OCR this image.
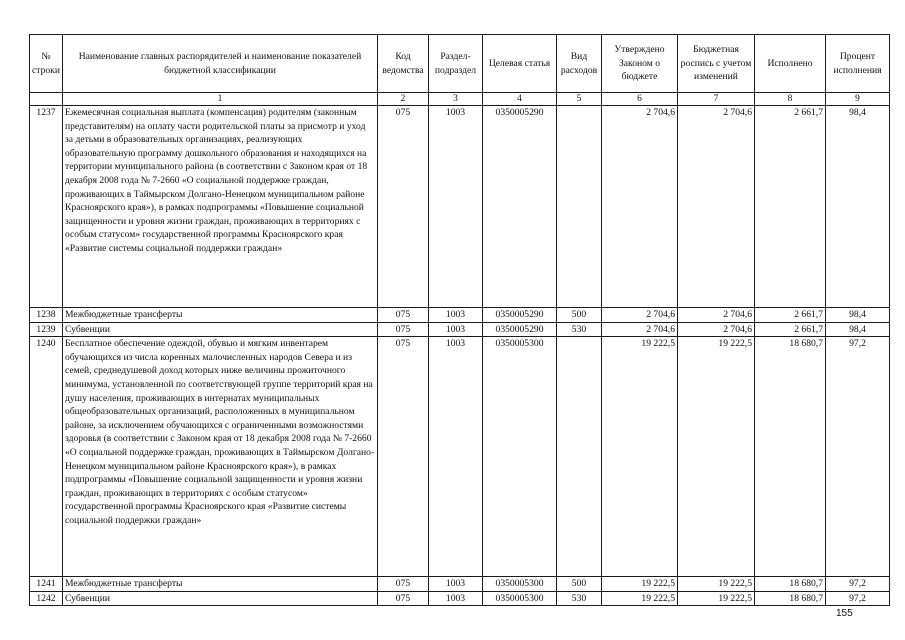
№ строки	Наименование главных распорядителей и наименование показателей бюджетной классификации	Код ведомства	Раздел-подраздел	Целевая статья	Вид расходов	Утверждено Законом о бюджете	Бюджетная роспись с учетом изменений	Исполнено	Процент исполнения
	1	2	3	4	5	6	7	8	9
1237	Ежемесячная социальная выплата (компенсация) родителям (законным представителям) на оплату части родительской платы за присмотр и уход за детьми в образовательных организациях, реализующих образовательную программу дошкольного образования и находящихся на территории муниципального района (в соответствии с Законом края от 18 декабря 2008 года № 7-2660 «О социальной поддержке граждан, проживающих в Таймырском Долгано-Ненецком муниципальном районе Красноярского края»), в рамках подпрограммы «Повышение социальной защищенности и уровня жизни граждан, проживающих в территориях с особым статусом» государственной программы Красноярского края «Развитие системы социальной поддержки граждан»	075	1003	0350005290		2 704,6	2 704,6	2 661,7	98,4
1238	Межбюджетные трансферты	075	1003	0350005290	500	2 704,6	2 704,6	2 661,7	98,4
1239	Субвенции	075	1003	0350005290	530	2 704,6	2 704,6	2 661,7	98,4
1240	Бесплатное обеспечение одеждой, обувью и мягким инвентарем обучающихся из числа коренных малочисленных народов Севера и из семей, среднедушевой доход которых ниже величины прожиточного минимума, установленной по соответствующей группе территорий края на душу населения, проживающих в интернатах муниципальных общеобразовательных организаций, расположенных в муниципальном районе, за исключением обучающихся с ограниченными возможностями здоровья (в соответствии с Законом края от 18 декабря 2008 года № 7-2660 «О социальной поддержке граждан, проживающих в Таймырском Долгано-Ненецком муниципальном районе Красноярского края»), в рамках подпрограммы «Повышение социальной защищенности и уровня жизни граждан, проживающих в территориях с особым статусом» государственной программы Красноярского края «Развитие системы социальной поддержки граждан»	075	1003	0350005300		19 222,5	19 222,5	18 680,7	97,2
1241	Межбюджетные трансферты	075	1003	0350005300	500	19 222,5	19 222,5	18 680,7	97,2
1242	Субвенции	075	1003	0350005300	530	19 222,5	19 222,5	18 680,7	97,2
155
